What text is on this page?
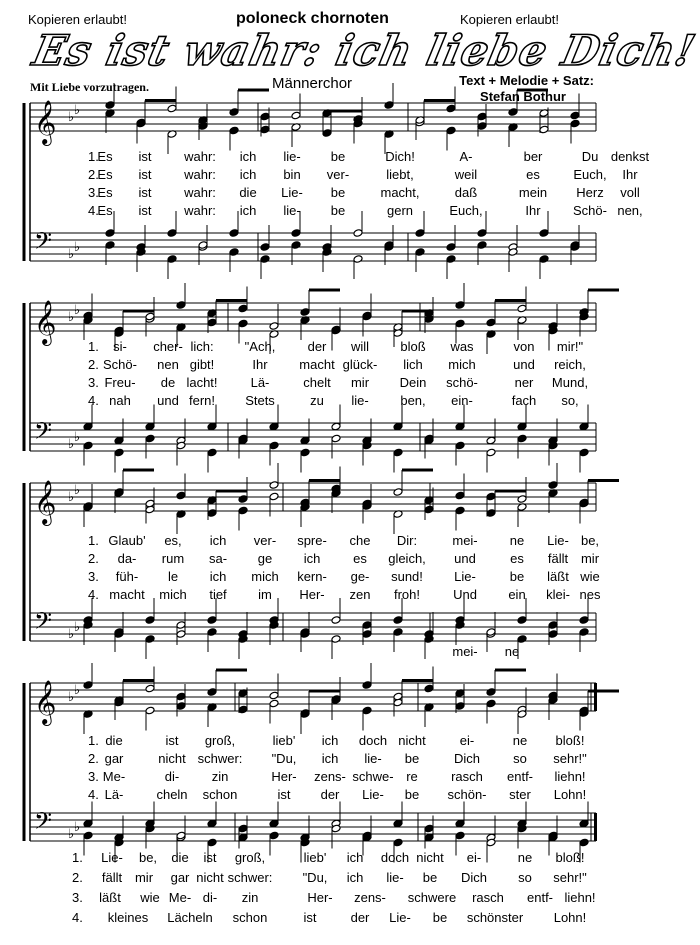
Kopieren erlaubt!	poloneck chornoten	Kopieren erlaubt!
Es ist wahr: ich liebe Dich!
Mit Liebe vorzutragen.	Männerchor	Text + Melodie + Satz:
Stefan Bothur
𝄞
𝄢
♭ ♭
♭ ♭
𝄞
𝄢
♭ ♭
♭ ♭
𝄞
𝄢
♭ ♭
♭ ♭
𝄞
𝄢
♭ ♭
♭ ♭
1.
Es ist	wahr: ich lie- be	Dich!	A-	ber	Du denkst
2.
Es ist	wahr: ich bin ver-	liebt,	weil	es	Euch, Ihr
3.
Es ist	wahr: die Lie- be	macht,	daß	mein Herz voll
4.
Es ist	wahr: ich lie- be	gern	Euch,	Ihr Schö- nen,
1. si- cher- lich: "Ach, der will bloß was	von mir!"
2. Schö- nen gibt!	Ihr macht glück- lich mich	und reich,
3. Freu- de lacht!	Lä-	chelt mir Dein schö-	ner Mund,
4. nah und fern! Stets	zu lie- ben, ein-	fach so,
1. Glaub' es, ich ver- spre- che Dir:	mei- ne Lie- be,
2. da- rum sa- ge ich	es gleich, und	es fällt mir
3. füh- le ich mich kern- ge- sund! Lie-	be läßt wie
4. macht mich tief im Her- zen froh!	Und ein klei- nes
mei- ne
1. die	ist groß,	lieb' ich doch nicht	ei-	ne bloß!
2. gar	nicht schwer: "Du, ich lie- be	Dich	so sehr!"
3. Me-	di- zin	Her- zens- schwe- re	rasch entf- liehn!
4. Lä-	cheln schon	ist der Lie- be schön- ster Lohn!
1. Lie- be, die ist groß,	lieb' ich doch nicht ei-	ne bloß!
2. fällt mir gar nicht schwer: "Du, ich lie- be Dich so sehr!"
3. läßt wie Me- di- zin	Her- zens- schwere rasch entf- liehn!
4. kleines Lächeln schon	ist	der Lie- be schönster Lohn!
